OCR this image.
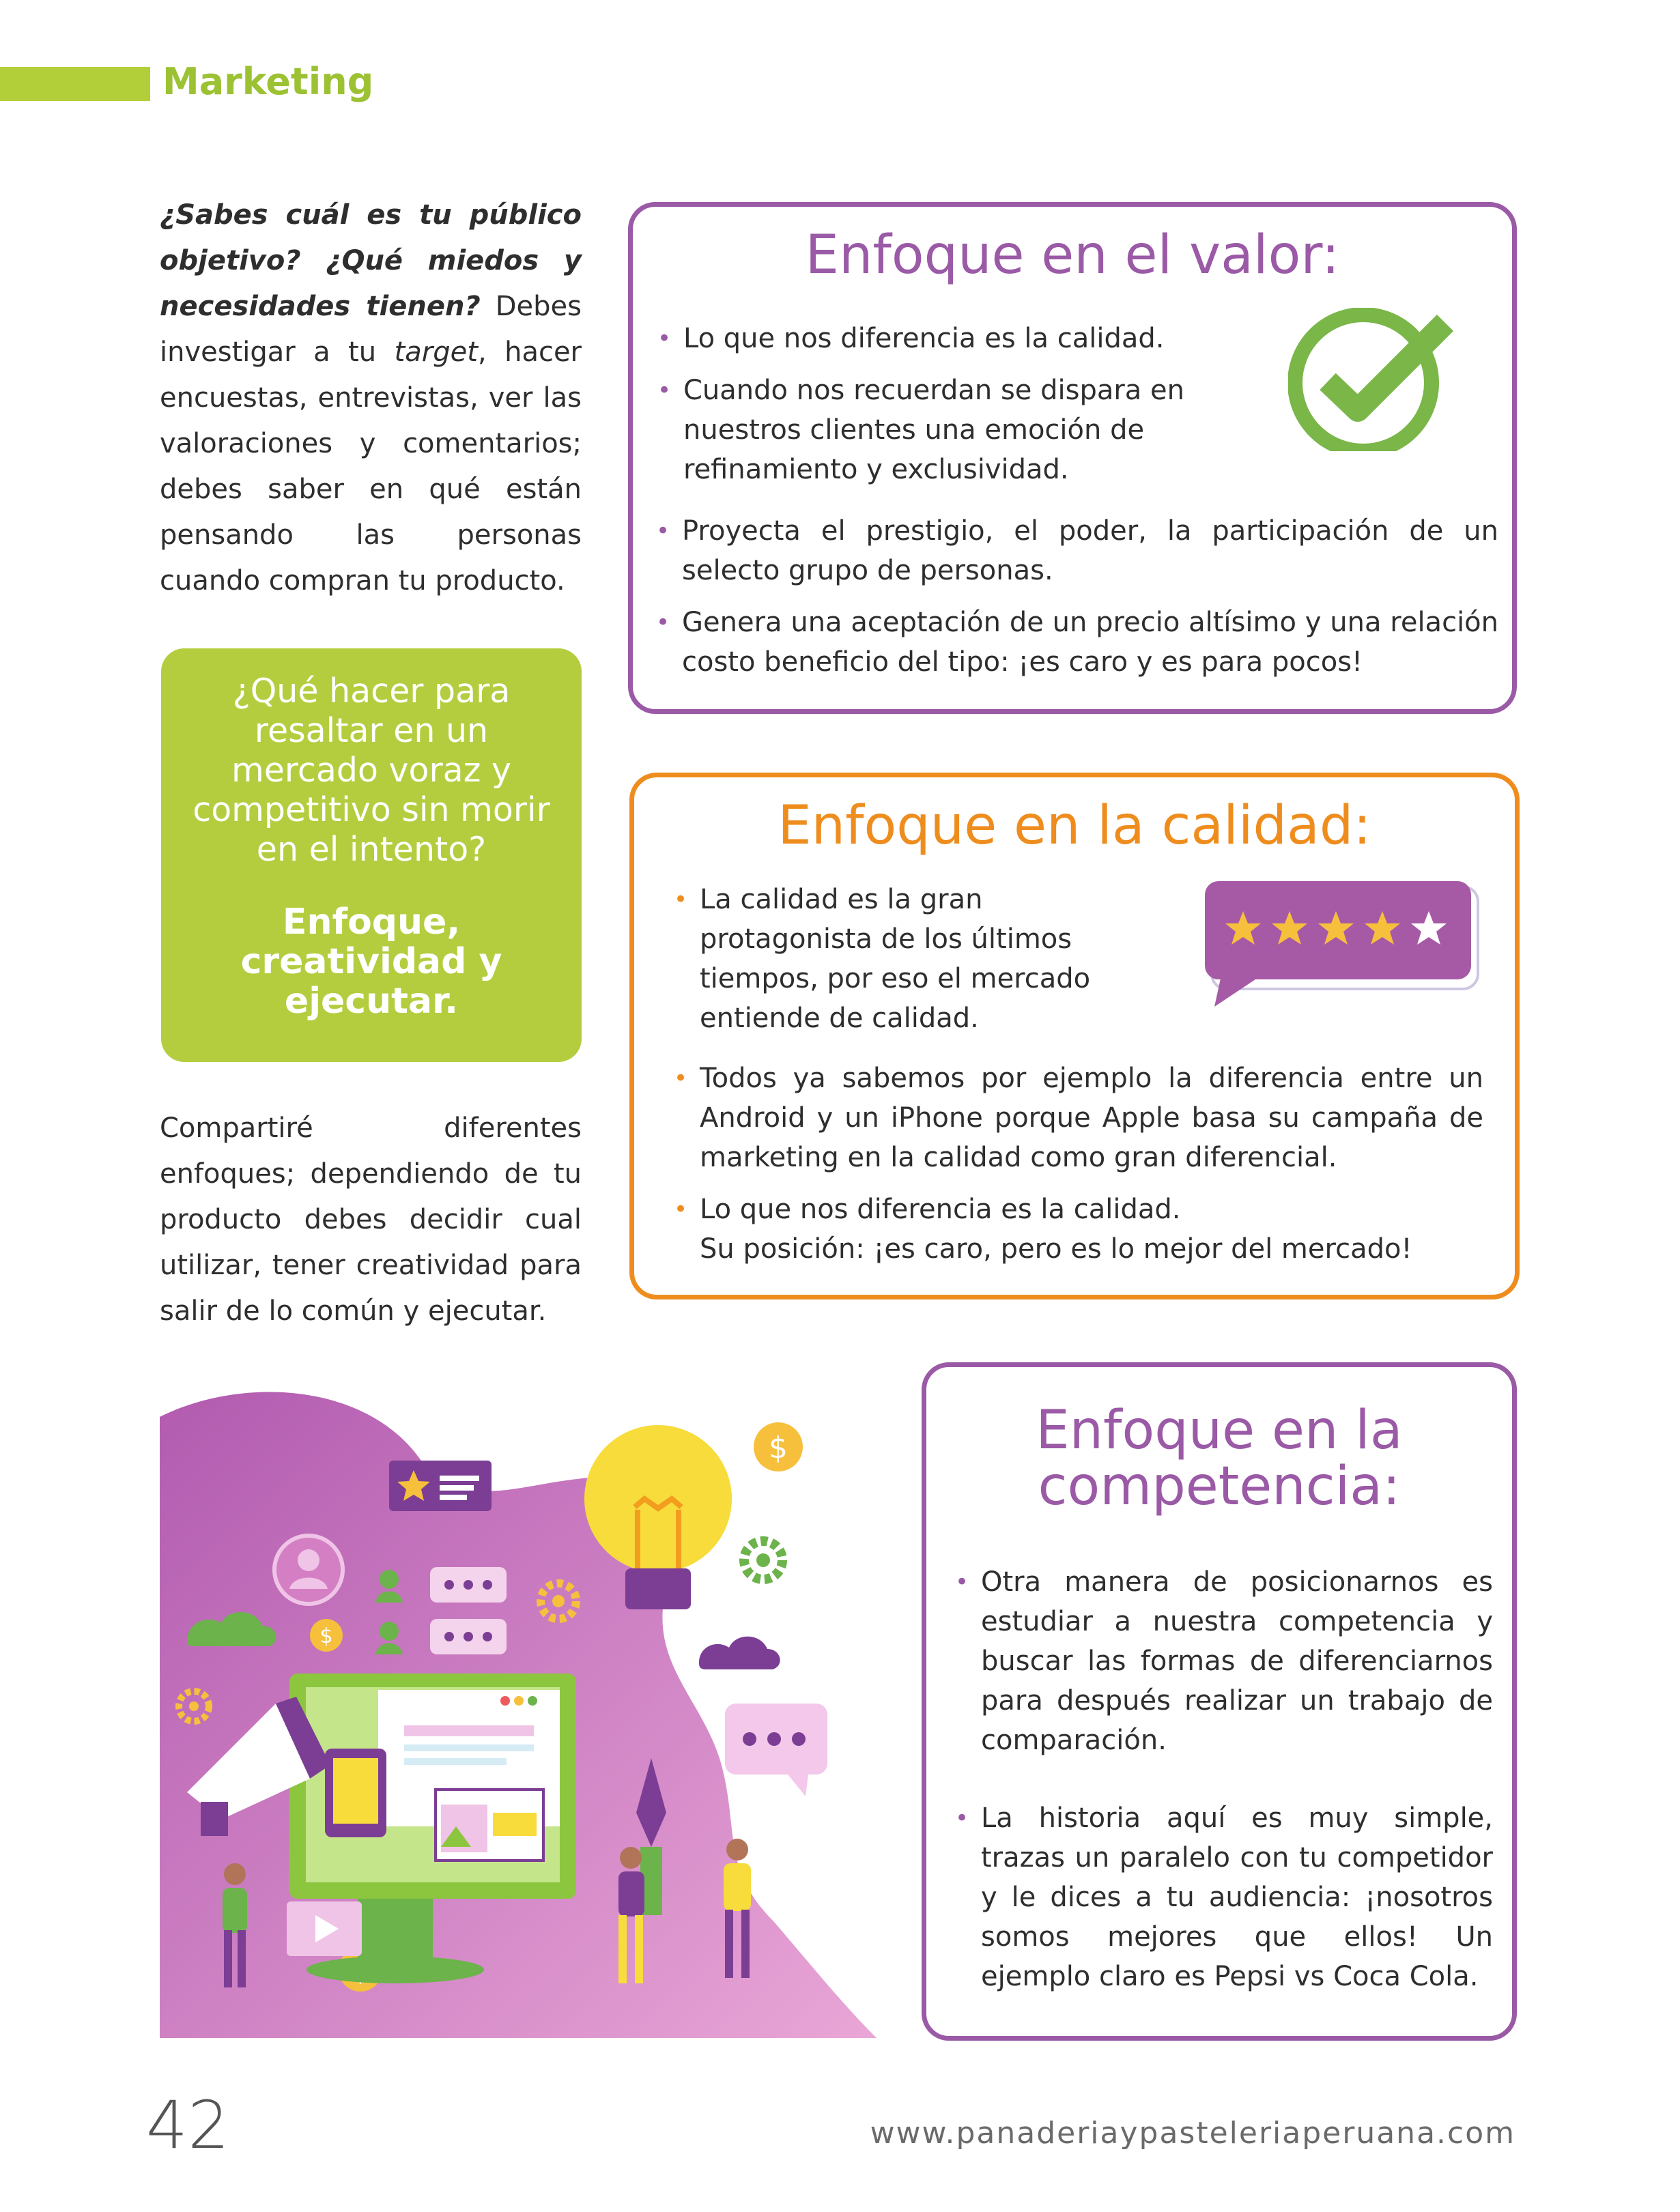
Marketing

¿Sabes cuál es tu público objetivo? ¿Qué miedos y necesidades tienen? Debes investigar a tu target, hacer encuestas, entrevistas, ver las valoraciones y comentarios; debes saber en qué están pensando las personas cuando compran tu producto.

¿Qué hacer para resaltar en un mercado voraz y competitivo sin morir en el intento?
Enfoque, creatividad y ejecutar.

Compartiré diferentes enfoques; dependiendo de tu producto debes decidir cual utilizar, tener creatividad para salir de lo común y ejecutar.

Enfoque en el valor:
• Lo que nos diferencia es la calidad.
• Cuando nos recuerdan se dispara en nuestros clientes una emoción de refinamiento y exclusividad.
• Proyecta el prestigio, el poder, la participación de un selecto grupo de personas.
• Genera una aceptación de un precio altísimo y una relación costo beneficio del tipo: ¡es caro y es para pocos!
Enfoque en la calidad:
• La calidad es la gran protagonista de los últimos tiempos, por eso el mercado entiende de calidad.
• Todos ya sabemos por ejemplo la diferencia entre un Android y un iPhone porque Apple basa su campaña de marketing en la calidad como gran diferencial.
• Lo que nos diferencia es la calidad.
Su posición: ¡es caro, pero es lo mejor del mercado!
Enfoque en la
competencia:
• Otra manera de posicionarnos es estudiar a nuestra competencia y buscar las formas de diferenciarnos para después realizar un trabajo de comparación.
• La historia aquí es muy simple, trazas un paralelo con tu competidor y le dices a tu audiencia: ¡nosotros somos mejores que ellos! Un ejemplo claro es Pepsi vs Coca Cola.
$
$
42	www.panaderiaypasteleriaperuana.com
